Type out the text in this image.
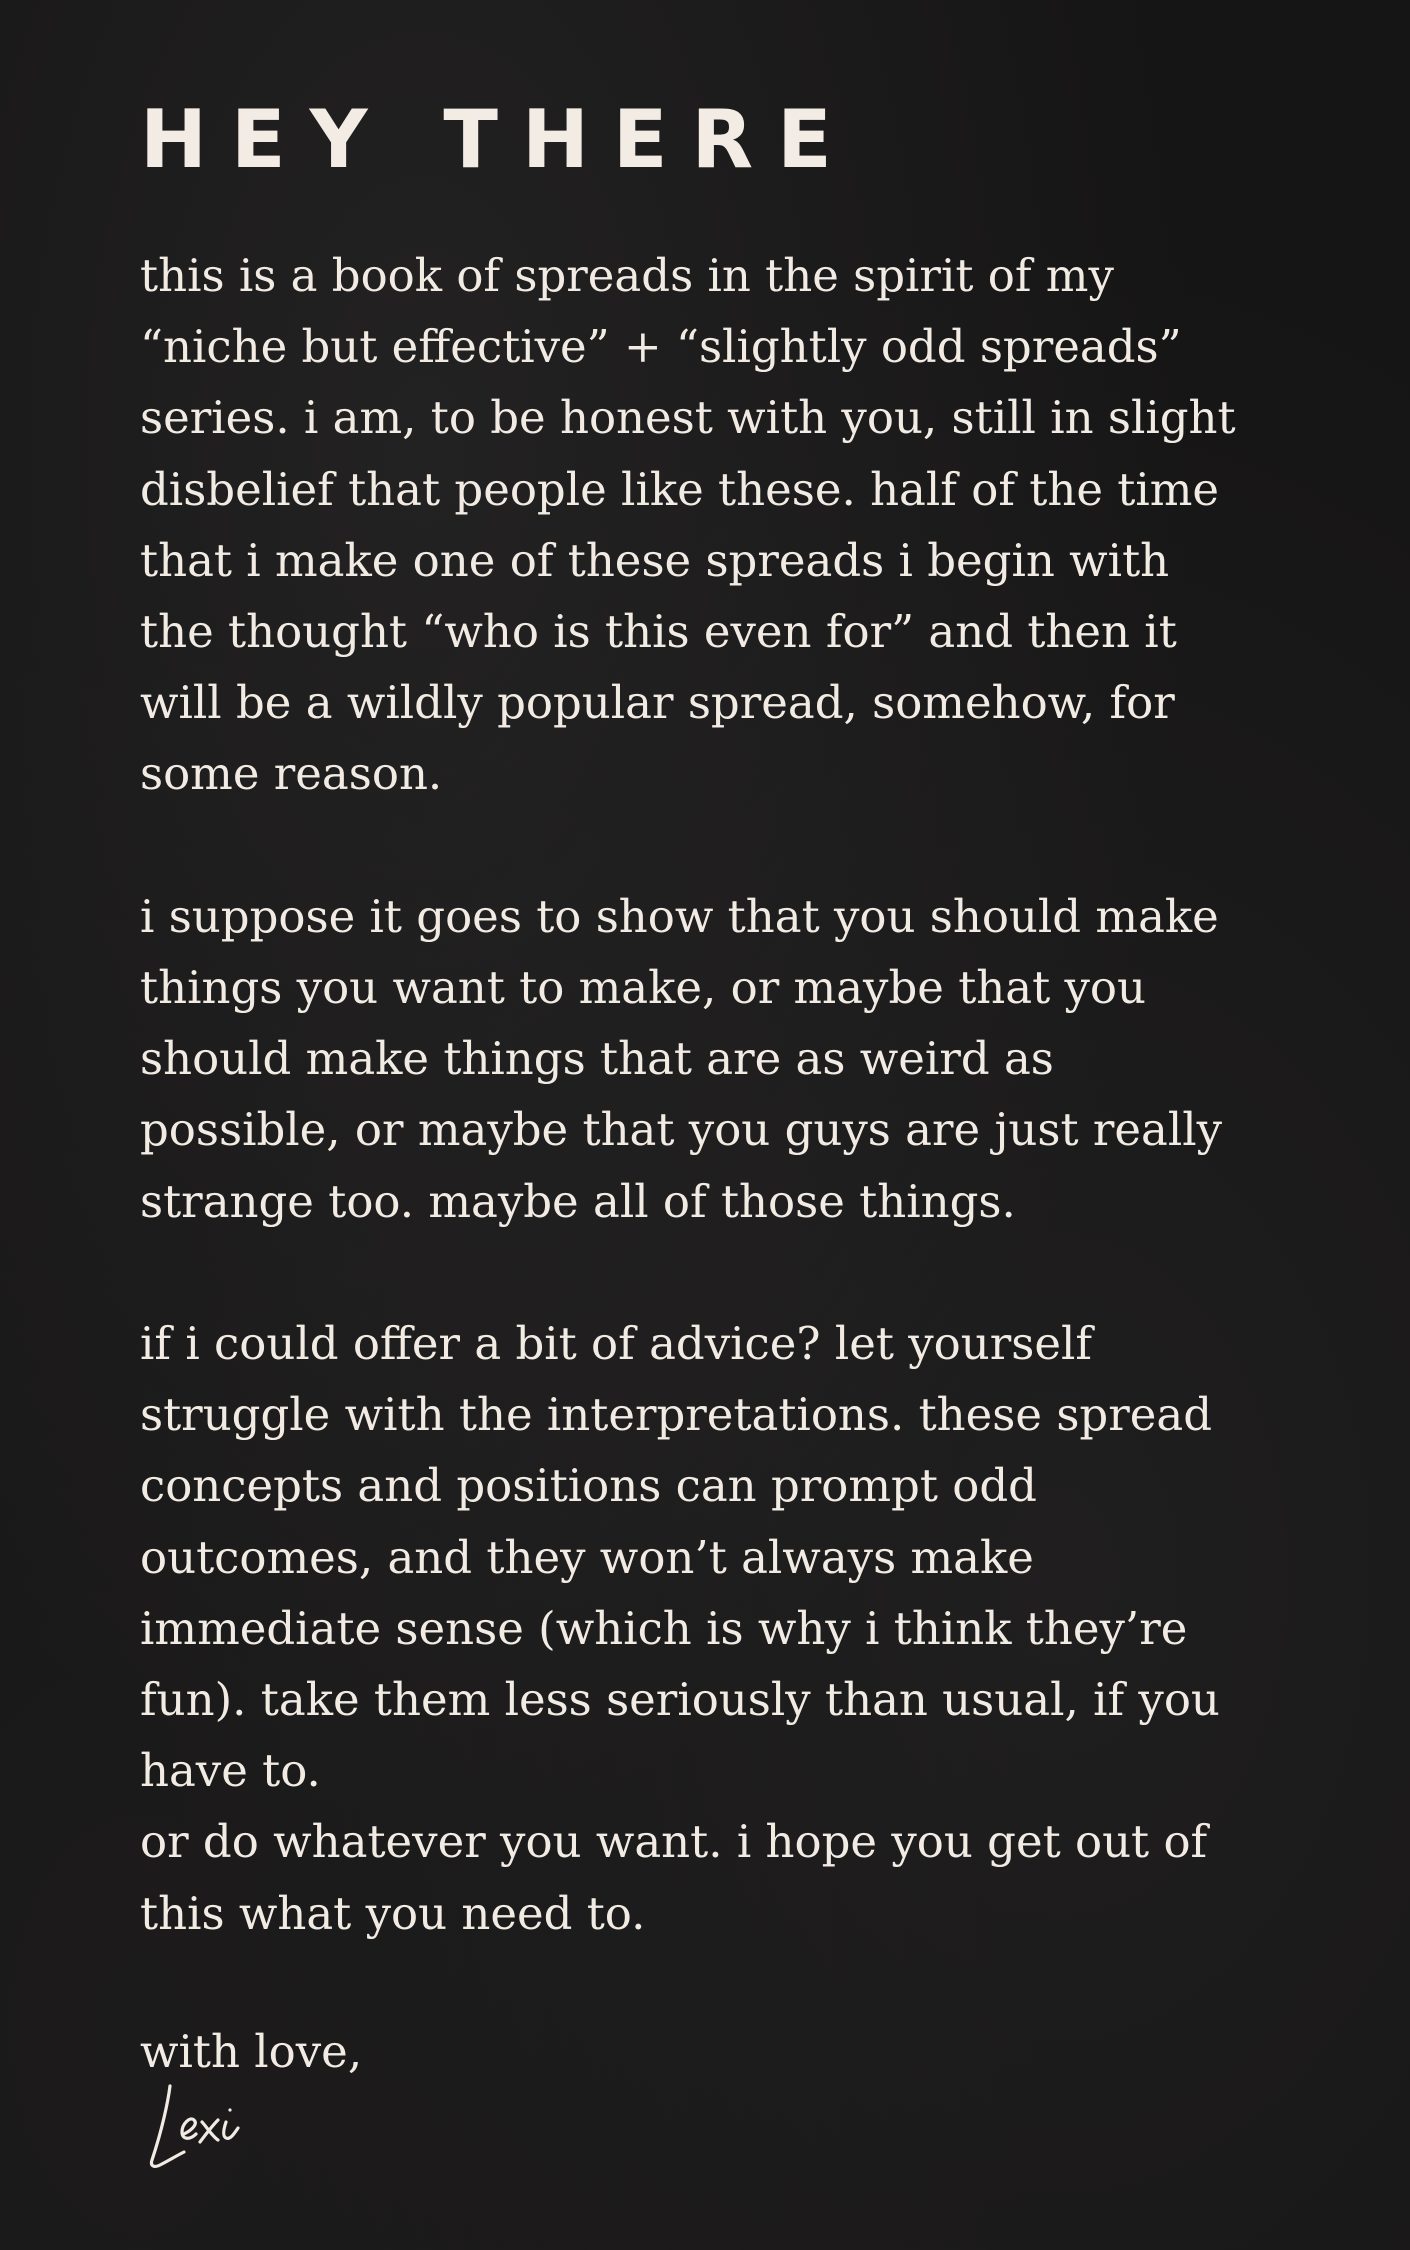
HEY THERE

this is a book of spreads in the spirit of my
“niche but effective” + “slightly odd spreads”
series. i am, to be honest with you, still in slight
disbelief that people like these. half of the time
that i make one of these spreads i begin with
the thought “who is this even for” and then it
will be a wildly popular spread, somehow, for
some reason.

i suppose it goes to show that you should make
things you want to make, or maybe that you
should make things that are as weird as
possible, or maybe that you guys are just really
strange too. maybe all of those things.

if i could offer a bit of advice? let yourself
struggle with the interpretations. these spread
concepts and positions can prompt odd
outcomes, and they won’t always make
immediate sense (which is why i think they’re
fun). take them less seriously than usual, if you
have to.

or do whatever you want. i hope you get out of
this what you need to.

with love,
